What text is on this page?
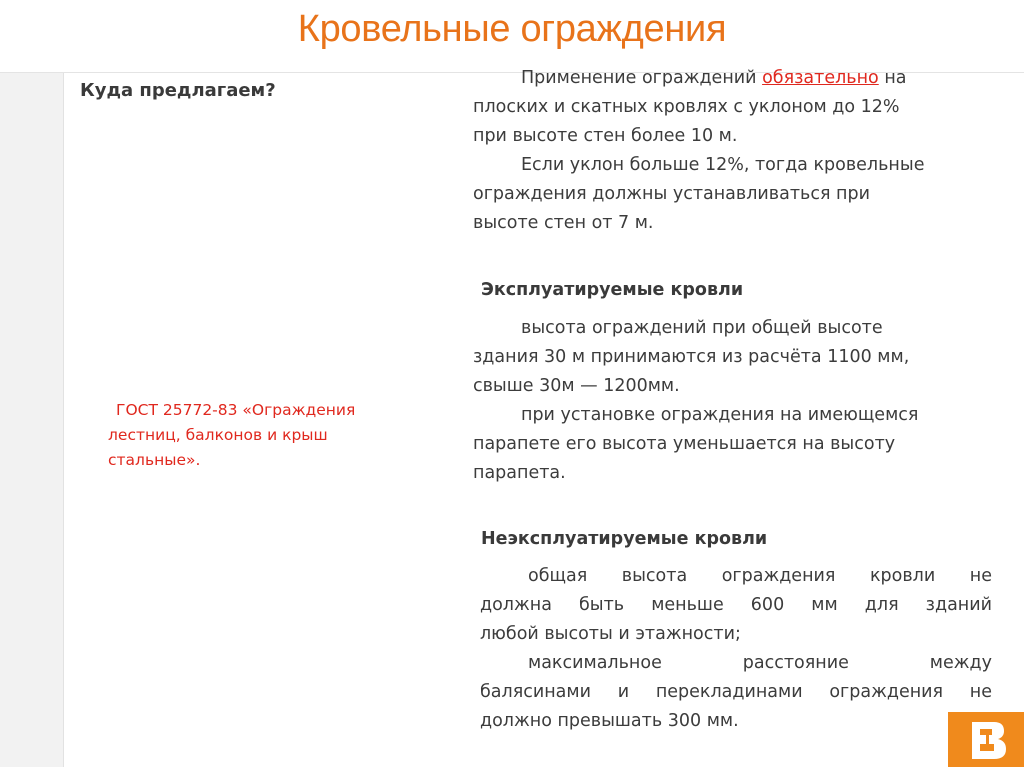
Кровельные ограждения
Куда предлагаем?
ГОСТ 25772-83 «Ограждения
лестниц, балконов и крыш
стальные».
Применение ограждений обязательно на
плоских и скатных кровлях с уклоном до 12%
при высоте стен более 10 м.
Если уклон больше 12%, тогда кровельные
ограждения должны устанавливаться при
высоте стен от 7 м.
Эксплуатируемые кровли
высота ограждений при общей высоте
здания 30 м принимаются из расчёта 1100 мм,
свыше 30м — 1200мм.
при установке ограждения на имеющемся
парапете его высота уменьшается на высоту
парапета.
Неэксплуатируемые кровли
общая высота ограждения кровли не
должна быть меньше 600 мм для зданий
любой высоты и этажности;
максимальное расстояние между
балясинами и перекладинами ограждения не
должно превышать 300 мм.
